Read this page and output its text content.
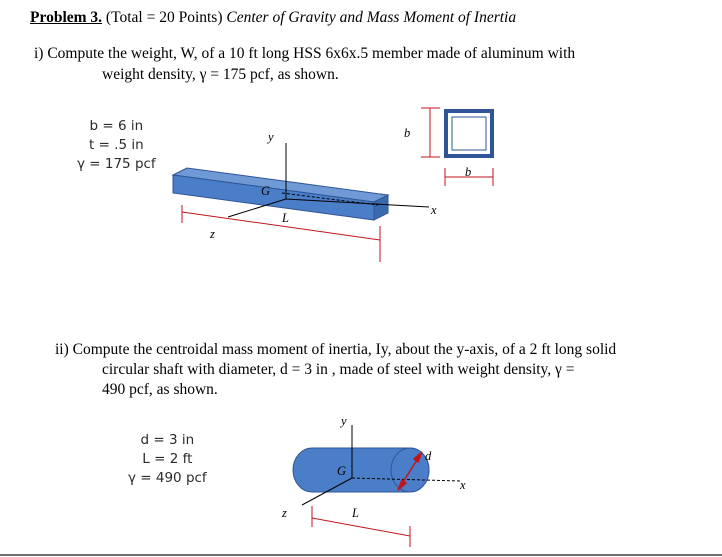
Problem 3. (Total = 20 Points) Center of Gravity and Mass Moment of Inertia
i) Compute the weight, W, of a 10 ft long HSS 6x6x.5 member made of aluminum with
weight density, γ = 175 pcf, as shown.
b = 6 in
t = .5 in
γ = 175 pcf
y
z
x
G
L
b
b
y
z
x
G
d
L
ii) Compute the centroidal mass moment of inertia, Iy, about the y-axis, of a 2 ft long solid
circular shaft with diameter, d = 3 in , made of steel with weight density, γ =
490 pcf, as shown.
d = 3 in
L = 2 ft
γ = 490 pcf
